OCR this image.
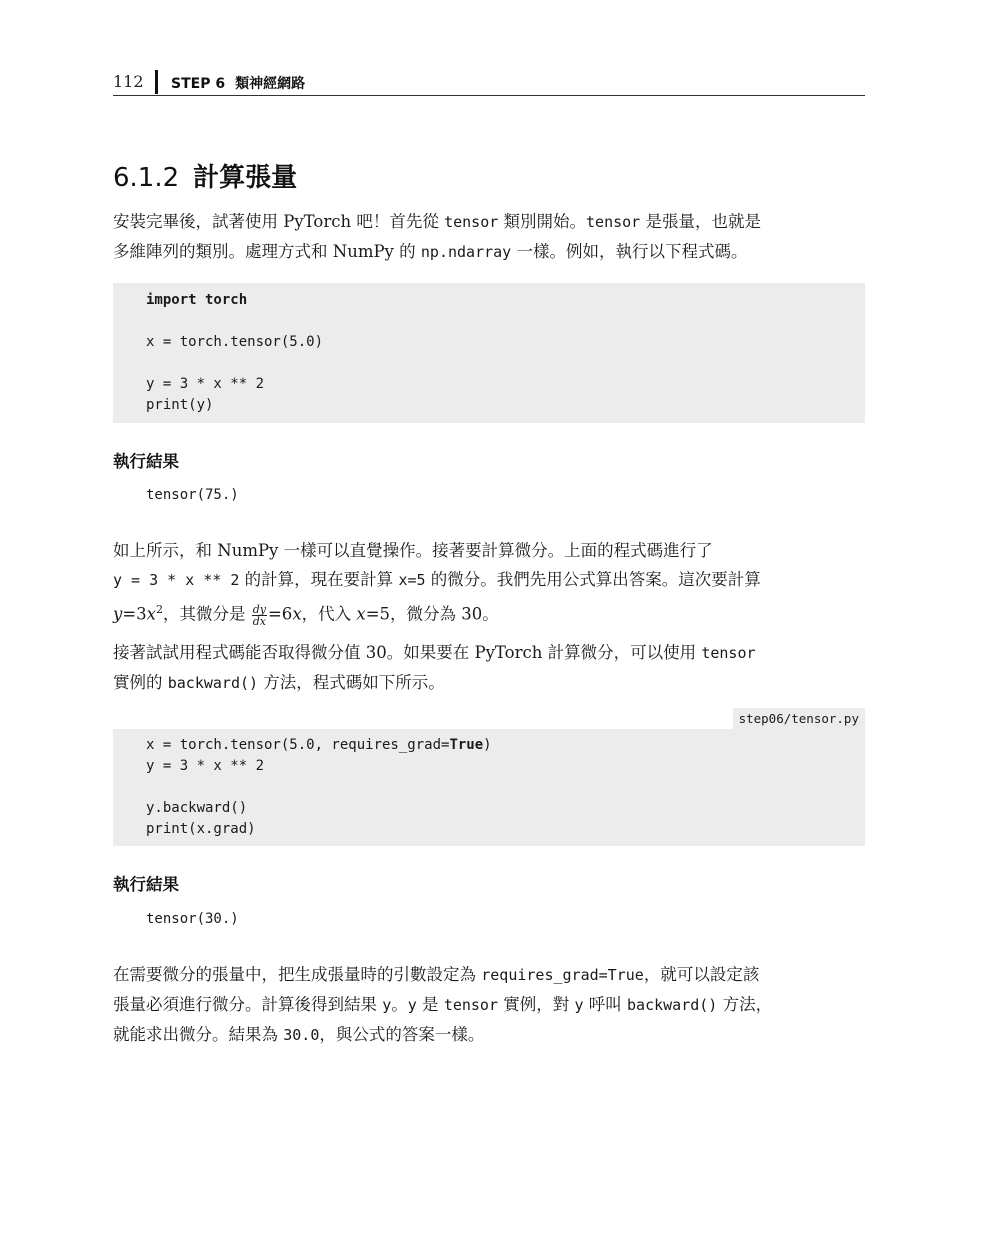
112 STEP 6 類神經網路
6.1.2 計算張量

安裝完畢後，試著使用 PyTorch 吧！首先從 tensor 類別開始。tensor 是張量，也就是
多維陣列的類別。處理方式和 NumPy 的 np.ndarray 一樣。例如，執行以下程式碼。

import torch
x = torch.tensor(5.0)
y = 3 * x ** 2
print(y)
執行結果
tensor(75.)

如上所示，和 NumPy 一樣可以直覺操作。接著要計算微分。上面的程式碼進行了
y = 3 * x ** 2 的計算，現在要計算 x=5 的微分。我們先用公式算出答案。這次要計算
$y=3x^2$，其微分是 $\frac{dy}{dx} =6x$，代入 x=5，微分為 30。

接著試試用程式碼能否取得微分值 30。如果要在 PyTorch 計算微分，可以使用 tensor
實例的 backward() 方法，程式碼如下所示。

step06/tensor.py
x = torch.tensor(5.0, requires_grad=True)
y = 3 * x ** 2
y.backward()
print(x.grad)
執行結果
tensor(30.)

在需要微分的張量中，把生成張量時的引數設定為 requires_grad=True，就可以設定該
張量必須進行微分。計算後得到結果 y。y 是 tensor 實例，對 y 呼叫 backward() 方法，
就能求出微分。結果為 30.0，與公式的答案一樣。
